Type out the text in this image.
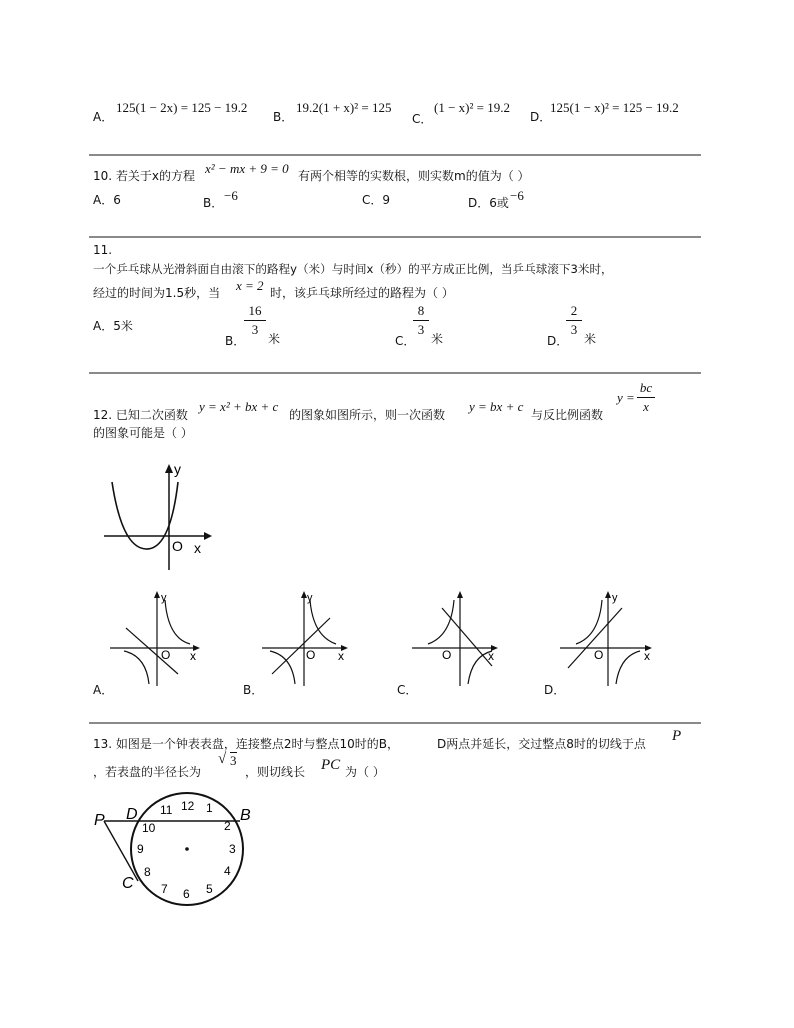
A．
125(1 − 2x) = 125 − 19.2
B．
19.2(1 + x)² = 125
C．
(1 − x)² = 19.2
D．
125(1 − x)² = 125 − 19.2
10. 若关于x的方程 x² − mx + 9 = 0 有两个相等的实数根，则实数m的值为（ ）
A．6	B． −6	C．9	D．6或 −6
11.
一个乒乓球从光滑斜面自由滚下的路程y（米）与时间x（秒）的平方成正比例，当乒乓球滚下3米时，
经过的时间为1.5秒，当 x = 2 时，该乒乓球所经过的路程为（ ）
A．5米
B．
16
3
米	C．
8
3
米	D．
2
3
米
12. 已知二次函数
y = x² + bx + c
的图象如图所示，则一次函数
y = bx + c
与反比例函数
y =
bc
x
的图象可能是（ ）
y
O x
y
O x
y
O x	O	x
y
O	x
A．	B．	C．	D．
13. 如图是一个钟表表盘，连接整点2时与整点10时的B，	D两点并延长，交过整点8时的切线于点 P
，若表盘的半径长为
√ 3
，则切线长 PC 为（ ）
P D	B
C
12 1
2
3
4
5
6
7
8
9
10
11
